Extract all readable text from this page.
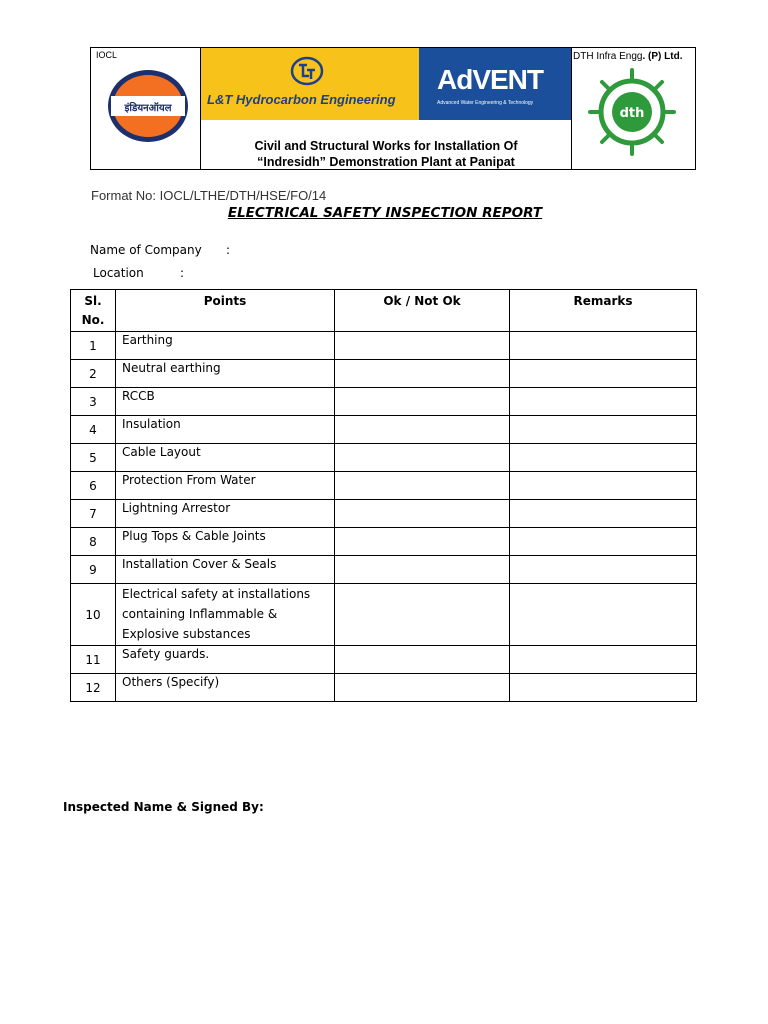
IOCL
इंडियनऑयल
L&T Hydrocarbon Engineering
AdVENT
Advanced Water Engineering & Technology
Civil and Structural Works for Installation Of
“Indresidh” Demonstration Plant at Panipat
DTH Infra Engg. (P) Ltd.
dth
Format No: IOCL/LTHE/DTH/HSE/FO/14
ELECTRICAL SAFETY INSPECTION REPORT
Name of Company :
Location	:
Sl.
No.	Points	Ok / Not Ok	Remarks
1	Earthing		
2	Neutral earthing		
3	RCCB		
4	Insulation		
5	Cable Layout		
6	Protection From Water		
7	Lightning Arrestor		
8	Plug Tops & Cable Joints		
9	Installation Cover & Seals		
10	Electrical safety at installations containing Inflammable & Explosive substances		
11	Safety guards.		
12	Others (Specify)		
Inspected Name & Signed By:
